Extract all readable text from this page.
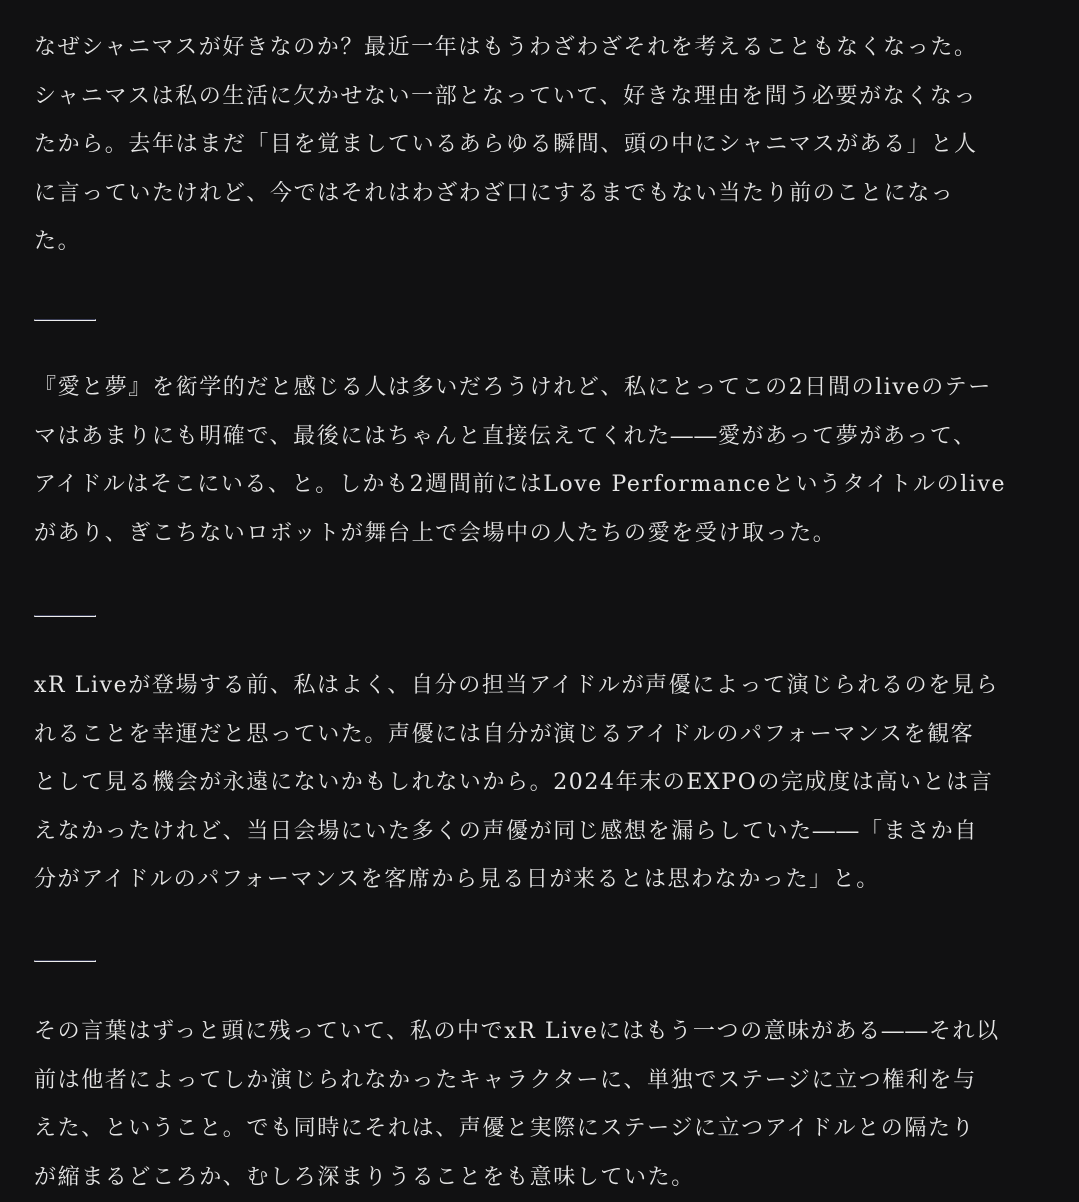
なぜシャニマスが好きなのか？最近一年はもうわざわざそれを考えることもなくなった。
シャニマスは私の生活に欠かせない一部となっていて、好きな理由を問う必要がなくなっ
たから。去年はまだ「目を覚ましているあらゆる瞬間、頭の中にシャニマスがある」と人
に言っていたけれど、今ではそれはわざわざ口にするまでもない当たり前のことになっ
た。

『愛と夢』を衒学的だと感じる人は多いだろうけれど、私にとってこの2日間のliveのテー
マはあまりにも明確で、最後にはちゃんと直接伝えてくれた――愛があって夢があって、
アイドルはそこにいる、と。しかも2週間前にはLove Performanceというタイトルのlive
があり、ぎこちないロボットが舞台上で会場中の人たちの愛を受け取った。

xR Liveが登場する前、私はよく、自分の担当アイドルが声優によって演じられるのを見ら
れることを幸運だと思っていた。声優には自分が演じるアイドルのパフォーマンスを観客
として見る機会が永遠にないかもしれないから。2024年末のEXPOの完成度は高いとは言
えなかったけれど、当日会場にいた多くの声優が同じ感想を漏らしていた――「まさか自
分がアイドルのパフォーマンスを客席から見る日が来るとは思わなかった」と。

その言葉はずっと頭に残っていて、私の中でxR Liveにはもう一つの意味がある――それ以
前は他者によってしか演じられなかったキャラクターに、単独でステージに立つ権利を与
えた、ということ。でも同時にそれは、声優と実際にステージに立つアイドルとの隔たり
が縮まるどころか、むしろ深まりうることをも意味していた。
